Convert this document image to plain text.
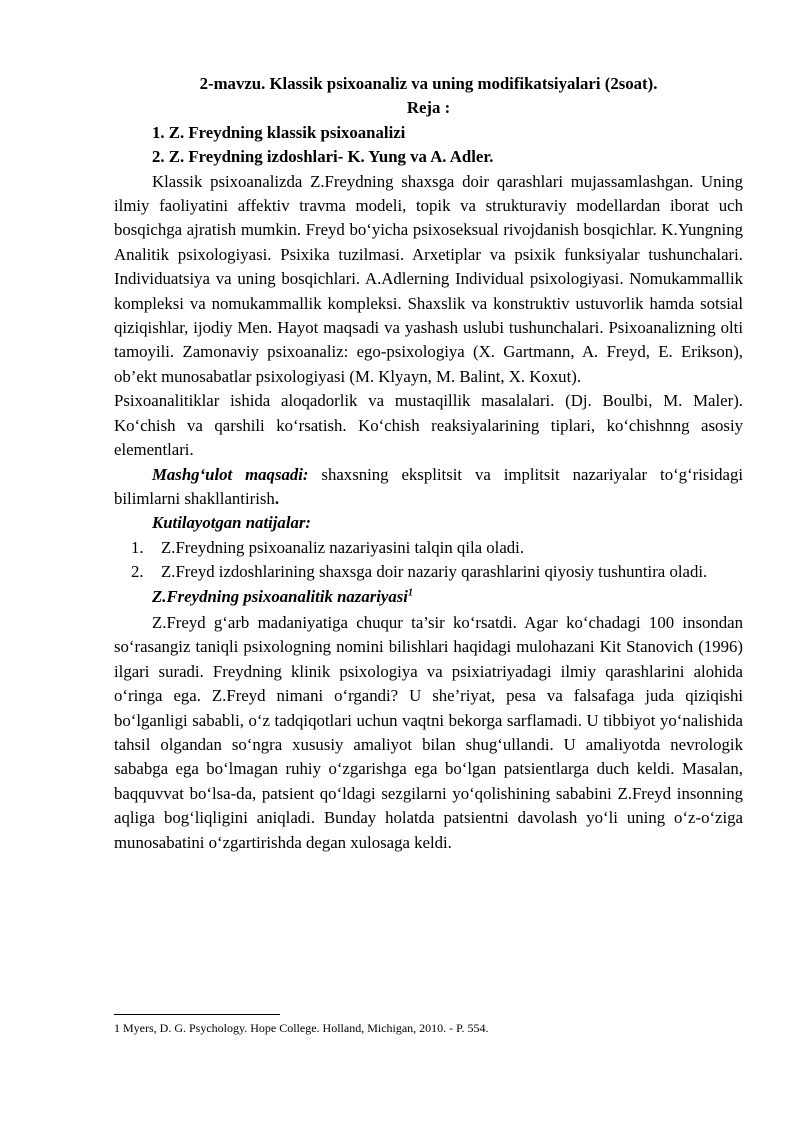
2-mavzu. Klassik psixoanaliz va uning modifikatsiyalari (2soat).
Reja :
1. Z. Freydning klassik psixoanalizi
2. Z. Freydning izdoshlari- K. Yung va A. Adler.

Klassik psixoanalizda Z.Freydning shaxsga doir qarashlari mujassamlashgan. Uning ilmiy faoliyatini affektiv travma modeli, topik va strukturaviy modellardan iborat uch bosqichga ajratish mumkin. Freyd bo‘yicha psixoseksual rivojdanish bosqichlar. K.Yungning Analitik psixologiyasi. Psixika tuzilmasi. Arxetiplar va psixik funksiyalar tushunchalari. Individuatsiya va uning bosqichlari. A.Adlerning Individual psixologiyasi. Nomukammallik kompleksi va nomukammallik kompleksi. Shaxslik va konstruktiv ustuvorlik hamda sotsial qiziqishlar, ijodiy Men. Hayot maqsadi va yashash uslubi tushunchalari. Psixoanalizning olti tamoyili. Zamonaviy psixoanaliz: ego-psixologiya (X. Gartmann, A. Freyd, E. Erikson), ob’ekt munosabatlar psixologiyasi (M. Klyayn, M. Balint, X. Koxut).

Psixoanalitiklar ishida aloqadorlik va mustaqillik masalalari. (Dj. Boulbi, M. Maler). Ko‘chish va qarshili ko‘rsatish. Ko‘chish reaksiyalarining tiplari, ko‘chishnng asosiy elementlari.

Mashg‘ulot maqsadi: shaxsning eksplitsit va implitsit nazariyalar to‘g‘risidagi bilimlarni shakllantirish.

Kutilayotgan natijalar:
1.	Z.Freydning psixoanaliz nazariyasini talqin qila oladi.
2.	Z.Freyd izdoshlarining shaxsga doir nazariy qarashlarini qiyosiy tushuntira oladi.
Z.Freydning psixoanalitik nazariyasi$^1$

Z.Freyd g‘arb madaniyatiga chuqur ta’sir ko‘rsatdi. Agar ko‘chadagi 100 insondan so‘rasangiz taniqli psixologning nomini bilishlari haqidagi mulohazani Kit Stanovich (1996) ilgari suradi. Freydning klinik psixologiya va psixiatriyadagi ilmiy qarashlarini alohida o‘ringa ega. Z.Freyd nimani o‘rgandi? U she’riyat, pesa va falsafaga juda qiziqishi bo‘lganligi sababli, o‘z tadqiqotlari uchun vaqtni bekorga sarflamadi. U tibbiyot yo‘nalishida tahsil olgandan so‘ngra xususiy amaliyot bilan shug‘ullandi. U amaliyotda nevrologik sababga ega bo‘lmagan ruhiy o‘zgarishga ega bo‘lgan patsientlarga duch keldi. Masalan, baqquvvat bo‘lsa-da, patsient qo‘ldagi sezgilarni yo‘qolishining sababini Z.Freyd insonning aqliga bog‘liqligini aniqladi. Bunday holatda patsientni davolash yo‘li uning o‘z-o‘ziga munosabatini o‘zgartirishda degan xulosaga keldi.

1 Myers, D. G. Psychology. Hope College. Holland, Michigan, 2010. - P. 554.
